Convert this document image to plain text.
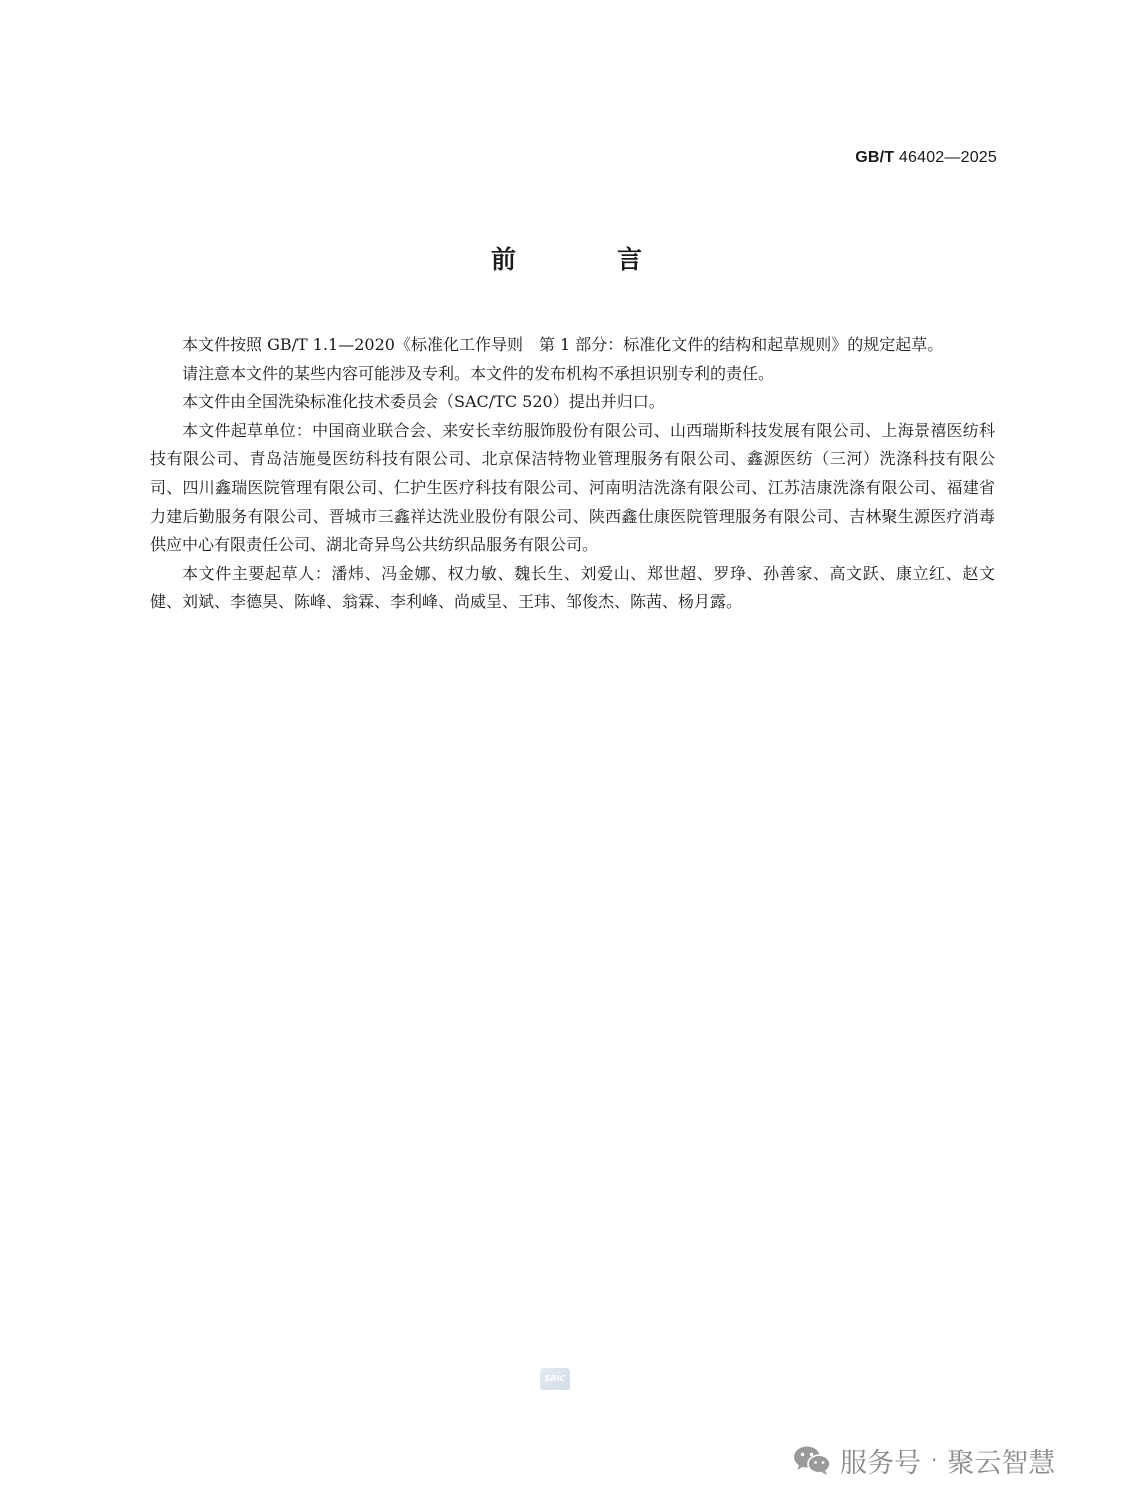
GB/T 46402—2025
前　言

本文件按照 GB/T 1.1—2020《标准化工作导则　第 1 部分：标准化文件的结构和起草规则》的规定起草。

请注意本文件的某些内容可能涉及专利。本文件的发布机构不承担识别专利的责任。

本文件由全国洗染标准化技术委员会（SAC/TC 520）提出并归口。

本文件起草单位：中国商业联合会、来安长幸纺服饰股份有限公司、山西瑞斯科技发展有限公司、上海景禧医纺科技有限公司、青岛洁施曼医纺科技有限公司、北京保洁特物业管理服务有限公司、鑫源医纺（三河）洗涤科技有限公司、四川鑫瑞医院管理有限公司、仁护生医疗科技有限公司、河南明洁洗涤有限公司、江苏洁康洗涤有限公司、福建省力建后勤服务有限公司、晋城市三鑫祥达洗业股份有限公司、陕西鑫仕康医院管理服务有限公司、吉林聚生源医疗消毒供应中心有限责任公司、湖北奇异鸟公共纺织品服务有限公司。

本文件主要起草人：潘炜、冯金娜、权力敏、魏长生、刘爱山、郑世超、罗琤、孙善家、高文跃、康立红、赵文健、刘斌、李德昊、陈峰、翁霖、李利峰、尚威呈、王玮、邹俊杰、陈茜、杨月露。

SRIC
服务号 · 聚云智慧
